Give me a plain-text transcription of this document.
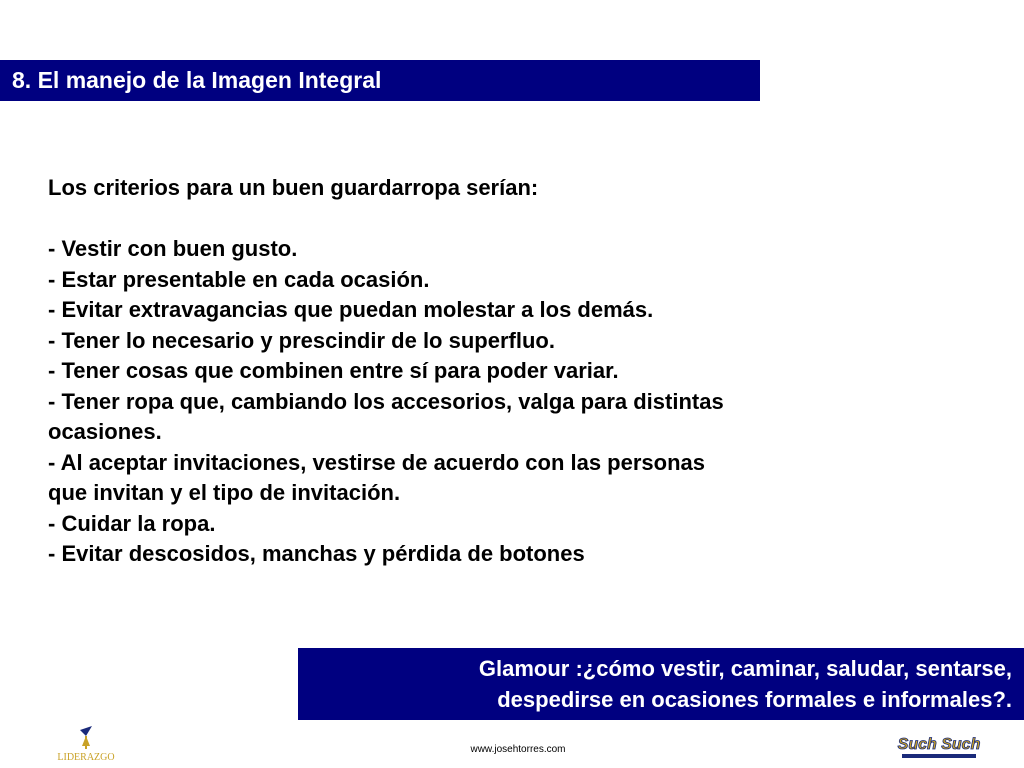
8. El manejo de la Imagen Integral

Los criterios para un buen guardarropa serían:

- Vestir con buen gusto.

- Estar presentable en cada ocasión.

- Evitar extravagancias que puedan molestar a los demás.

- Tener lo necesario y prescindir de lo superfluo.

- Tener cosas que combinen entre sí para poder variar.

- Tener ropa que, cambiando los accesorios, valga para distintas ocasiones.

- Al aceptar invitaciones, vestirse de acuerdo con las personas que invitan y el tipo de invitación.

- Cuidar la ropa.

- Evitar descosidos, manchas y pérdida de botones

Glamour :¿cómo vestir, caminar, saludar, sentarse,
despedirse en ocasiones formales e informales?.
LIDERAZGO
www.josehtorres.com	Such Such
